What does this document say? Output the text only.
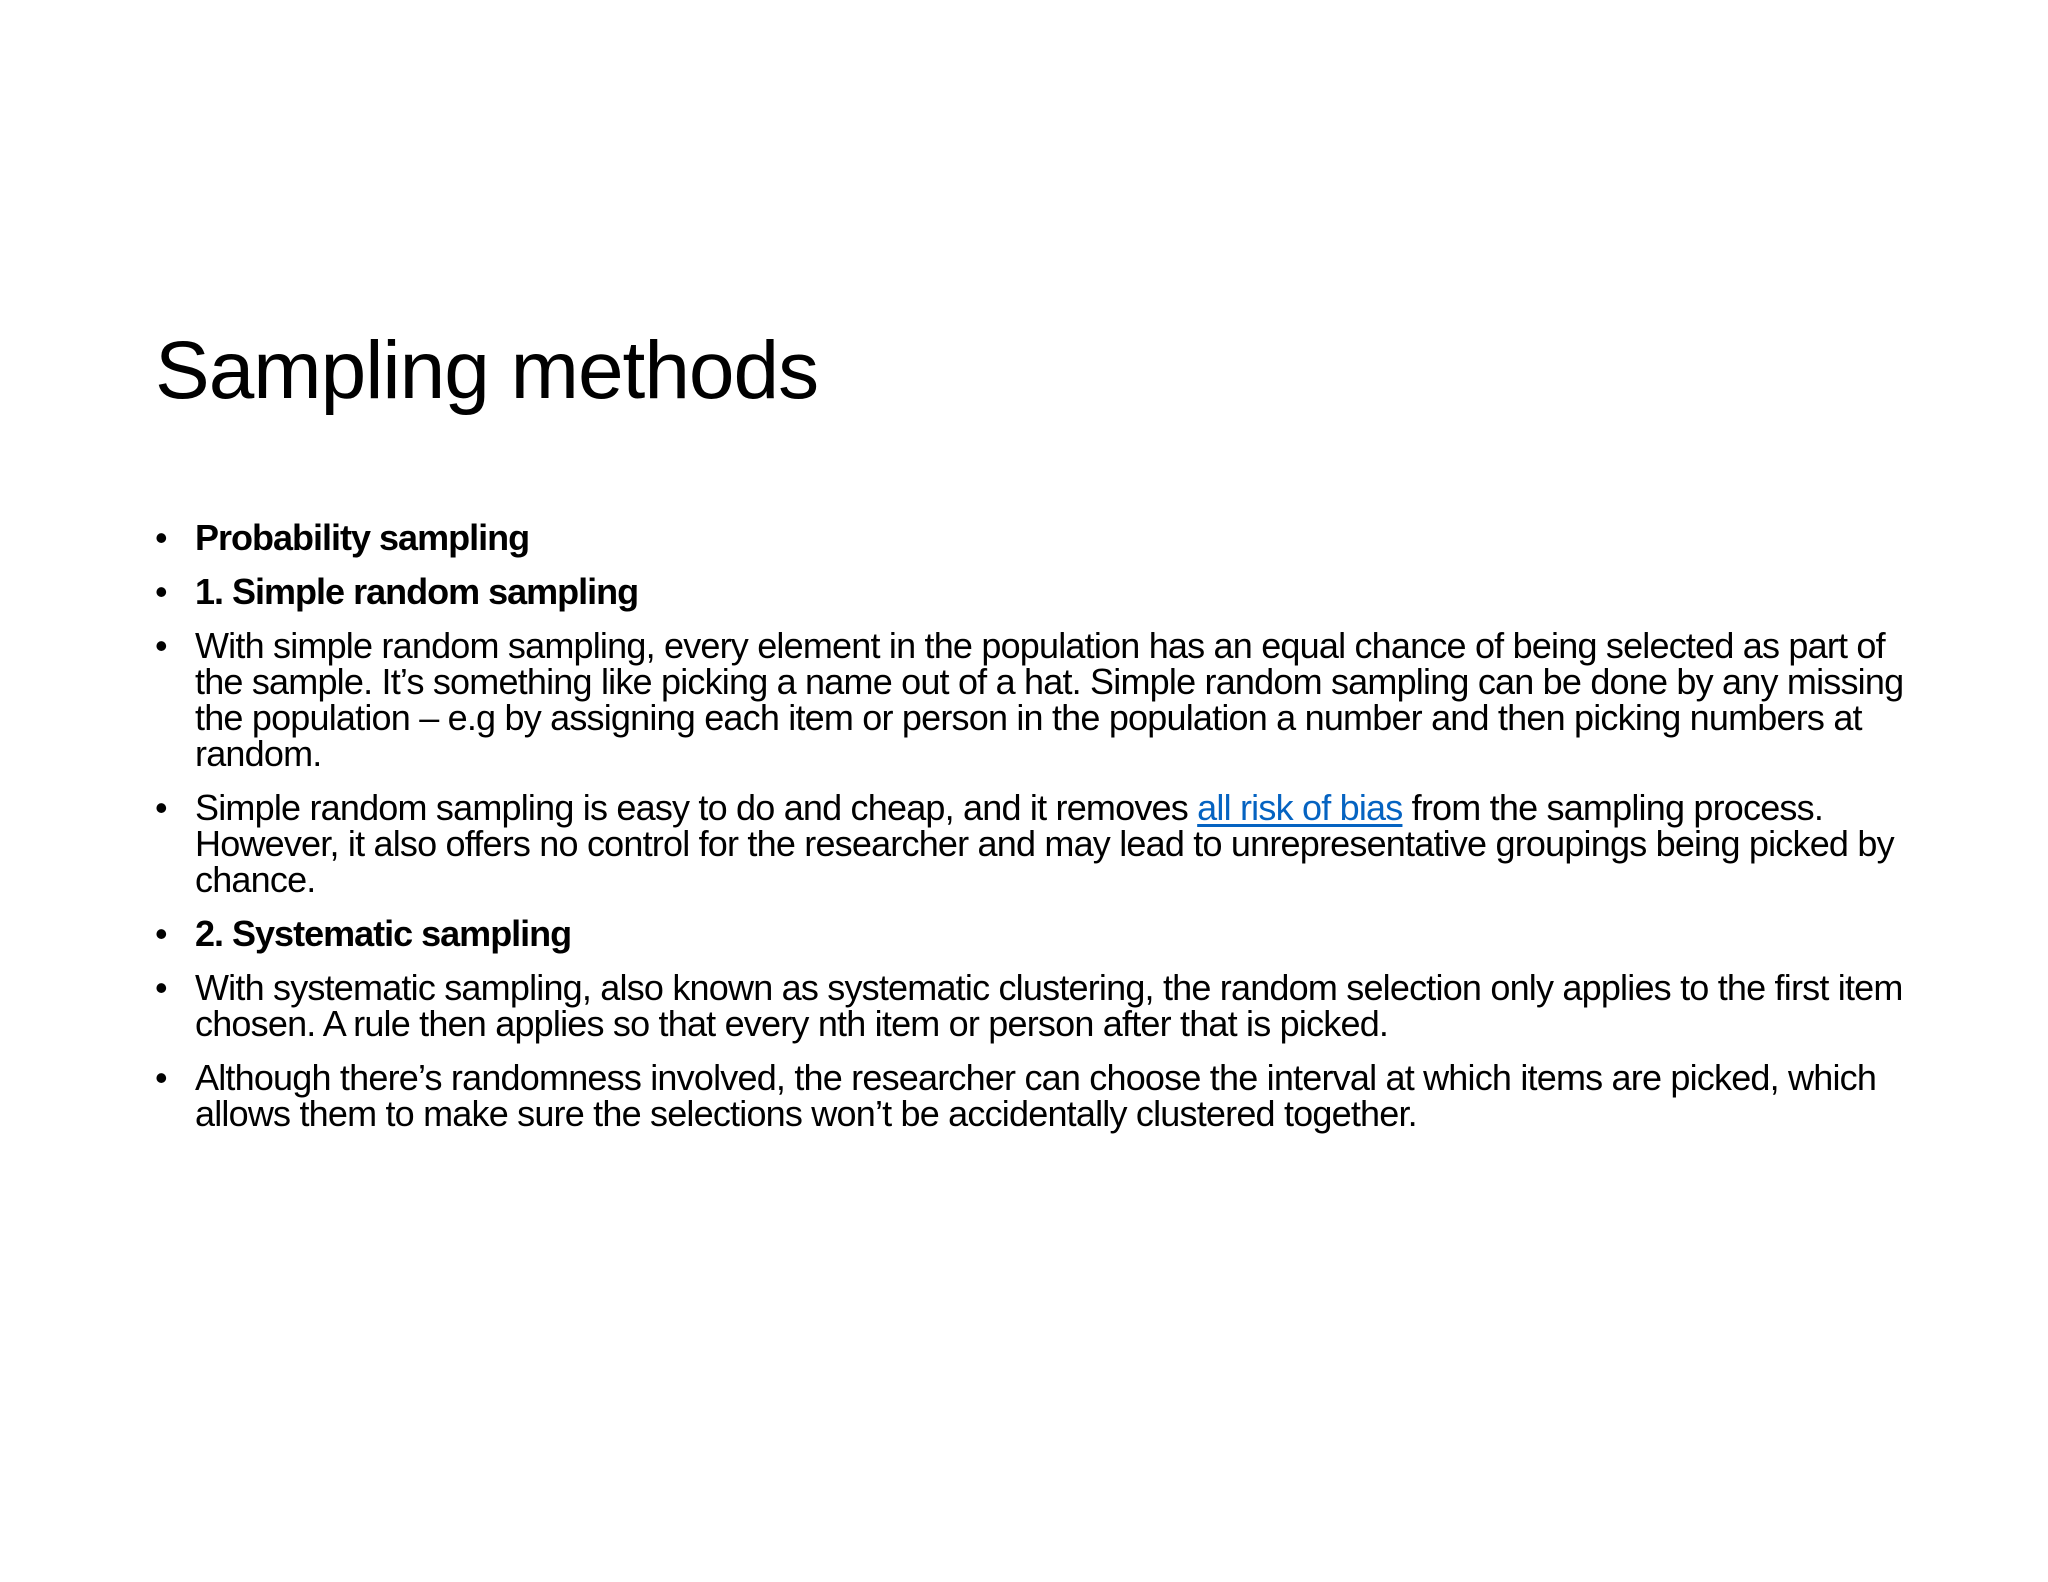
Sampling methods
• Probability sampling
• 1. Simple random sampling
• With simple random sampling, every element in the population has an equal chance of being selected as part of the sample. It’s something like picking a name out of a hat. Simple random sampling can be done by any missing the population – e.g by assigning each item or person in the population a number and then picking numbers at random.
• Simple random sampling is easy to do and cheap, and it removes all risk of bias from the sampling process. However, it also offers no control for the researcher and may lead to unrepresentative groupings being picked by chance.
• 2. Systematic sampling
• With systematic sampling, also known as systematic clustering, the random selection only applies to the first item chosen. A rule then applies so that every nth item or person after that is picked.
• Although there’s randomness involved, the researcher can choose the interval at which items are picked, which allows them to make sure the selections won’t be accidentally clustered together.
